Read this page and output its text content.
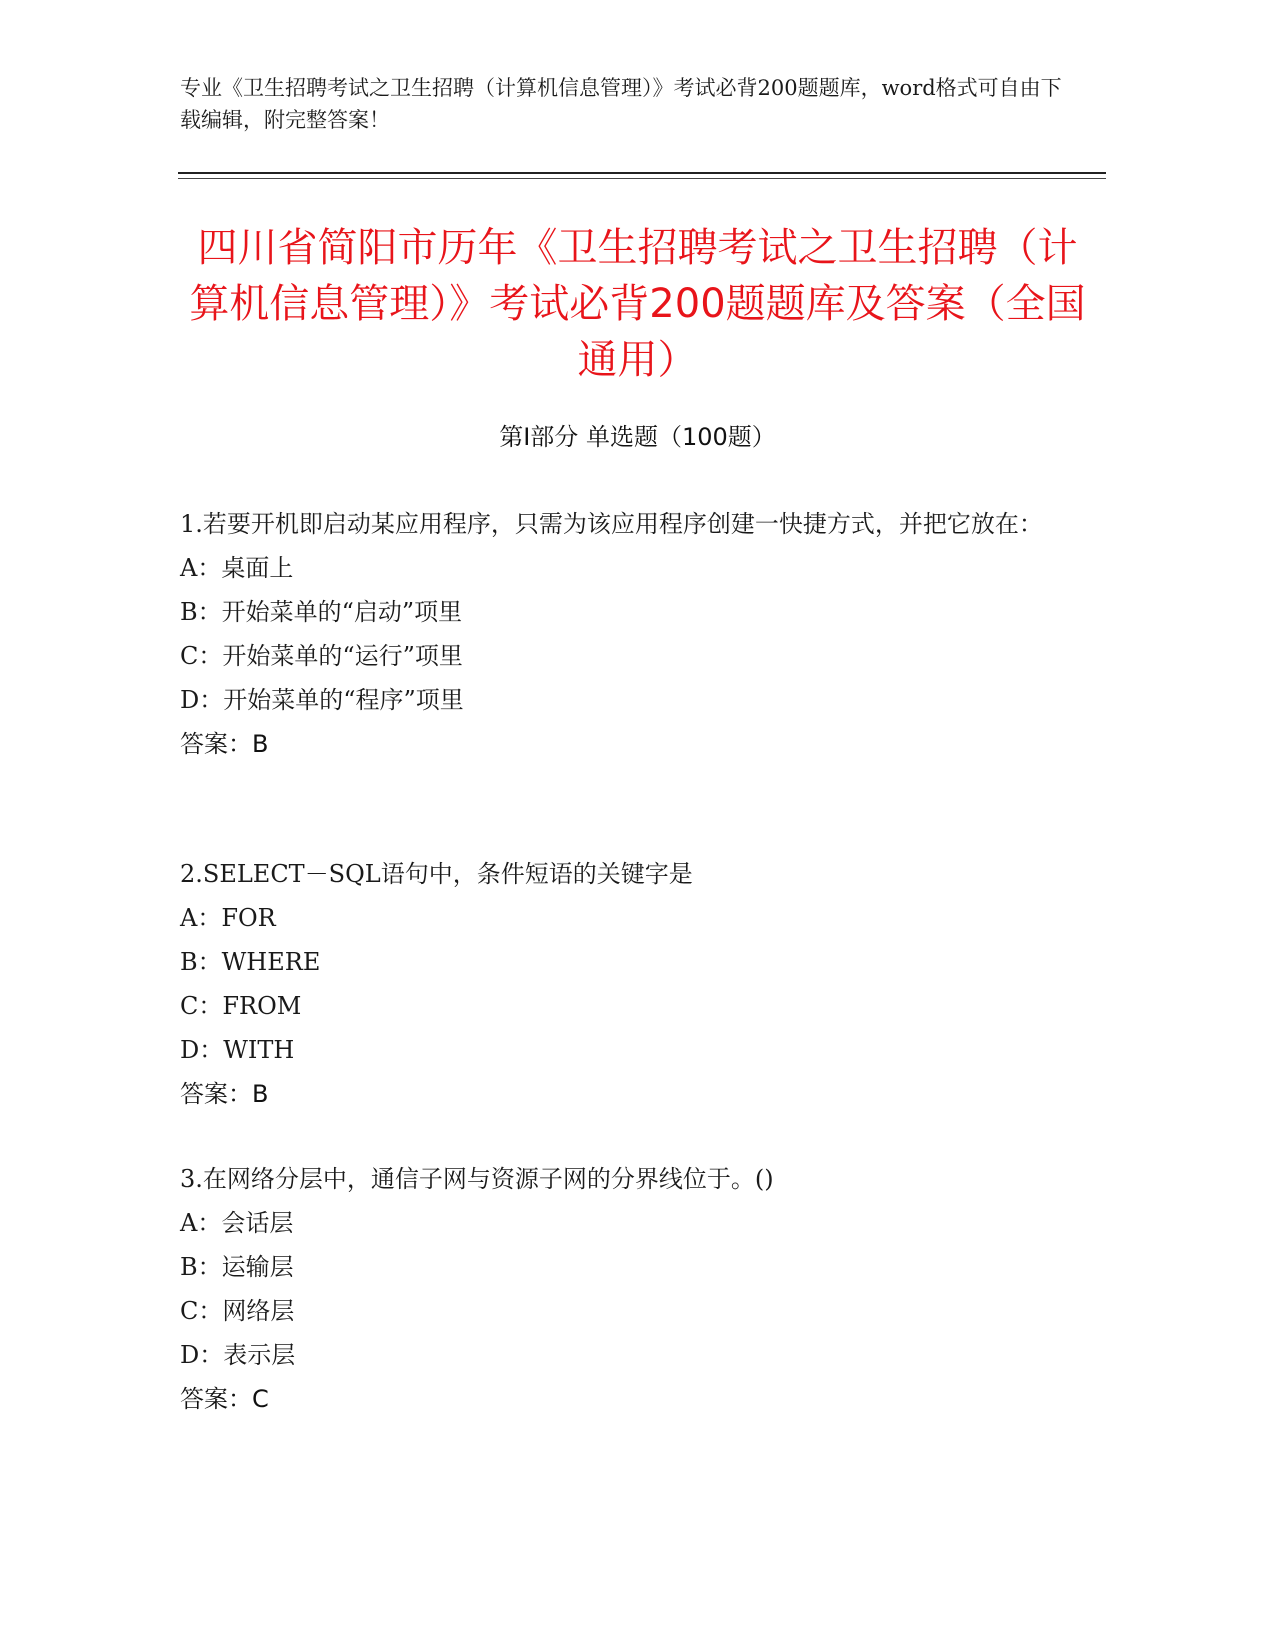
专业《卫生招聘考试之卫生招聘（计算机信息管理）》考试必背200题题库，word格式可自由下载编辑，附完整答案！
四川省简阳市历年《卫生招聘考试之卫生招聘（计算机信息管理）》考试必背200题题库及答案（全国通用）
第I部分 单选题（100题）
1.若要开机即启动某应用程序，只需为该应用程序创建一快捷方式，并把它放在：
A：桌面上
B：开始菜单的“启动”项里
C：开始菜单的“运行”项里
D：开始菜单的“程序”项里
答案：B
2.SELECT－SQL语句中，条件短语的关键字是
A：FOR
B：WHERE
C：FROM
D：WITH
答案：B
3.在网络分层中，通信子网与资源子网的分界线位于。()
A：会话层
B：运输层
C：网络层
D：表示层
答案：C
